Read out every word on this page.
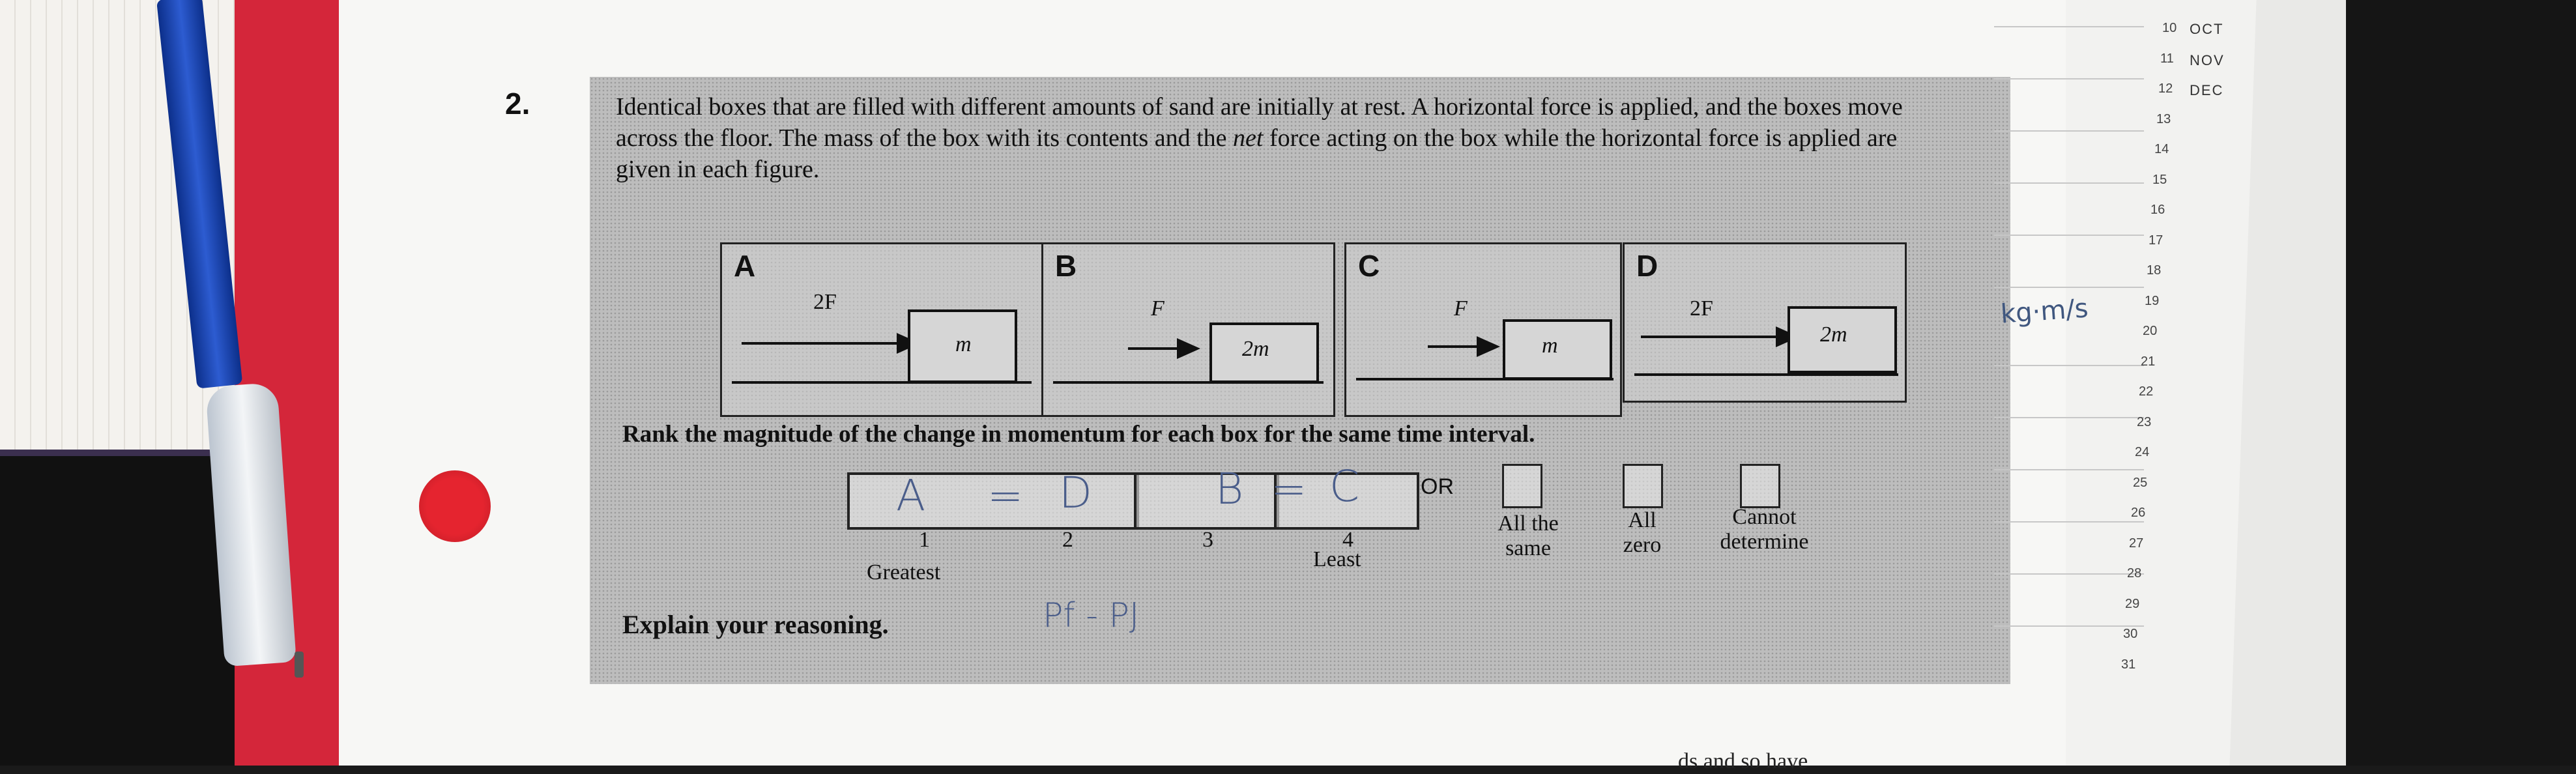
2.	Identical boxes that are filled with different amounts of sand are initially at rest. A horizontal force is applied, and the boxes move across the floor. The mass of the box with its contents and the net force acting on the box while the horizontal force is applied are given in each figure.
A
2F
m
B
F
2m
C
F
m
D
2F
2m
Rank the magnitude of the change in momentum for each box for the same time interval.
A = D	B = C
1	2	3	4
Greatest
Least
OR
All the same
All zero
Cannot determine
Explain your reasoning.	Pf - PJ
kg·m/s
OCT
NOV
DEC
10
11
12
13
14
15
16
17
18
19
20
21
22
23
24
25
26
27
28
29
30
31
ds and so have
